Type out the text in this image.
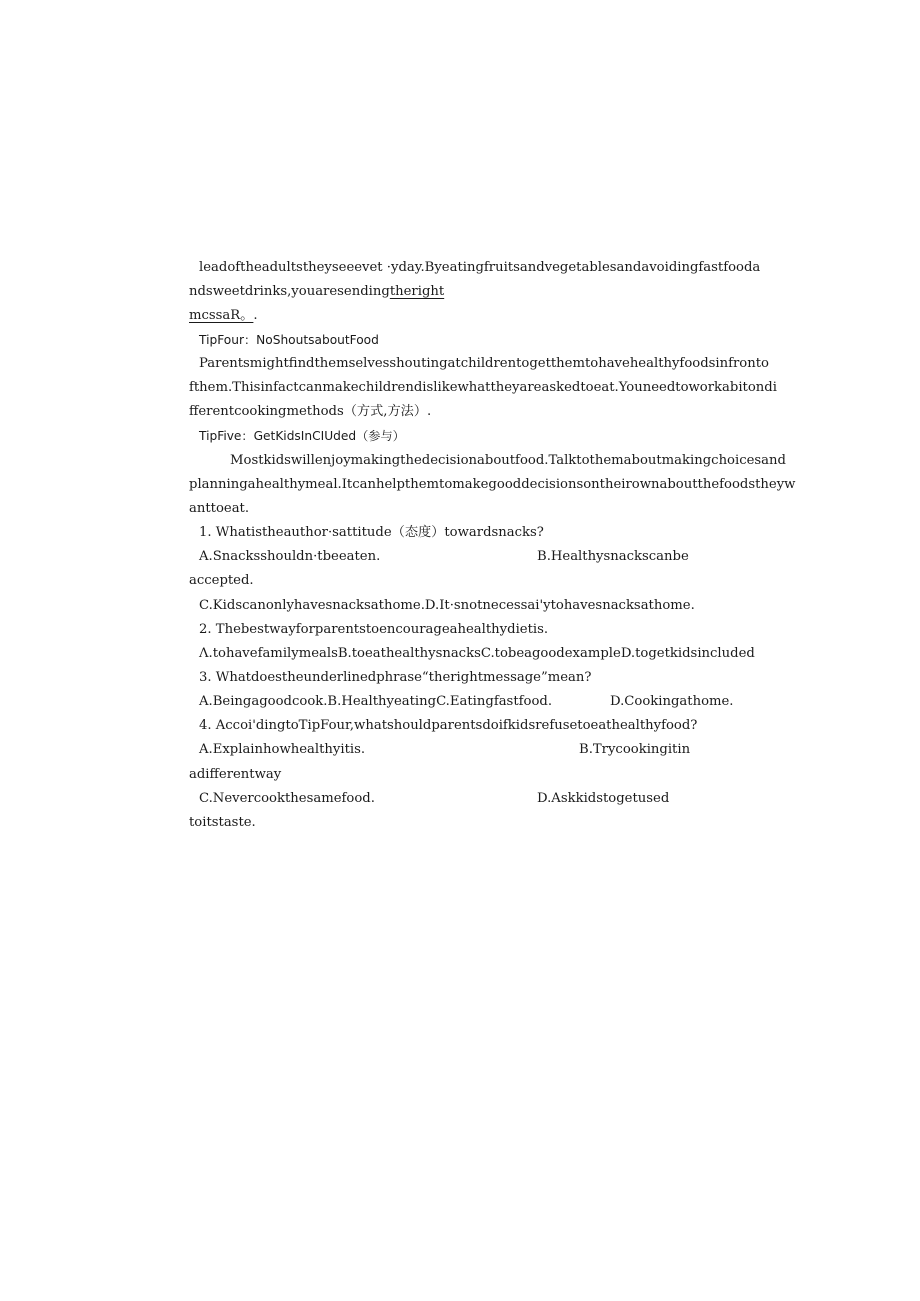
leadoftheadultstheyseeevet ·yday.Byeatingfruitsandvegetablesandavoidingfastfooda
ndsweetdrinks,youaresendingtheright
mcssaR。.
TipFour：NoShoutsaboutFood
Parentsmightfindthemselvesshoutingatchildrentogetthemtohavehealthyfoodsinfronto
fthem.Thisinfactcanmakechildrendislikewhattheyareaskedtoeat.Youneedtoworkabitondi
fferentcookingmethods（方式,方法）.
TipFive：GetKidsInCIUded（参与）
Mostkidswillenjoymakingthedecisionaboutfood.Talktothemaboutmakingchoicesand
planningahealthymeal.Itcanhelpthemtomakegooddecisionsontheirownaboutthefoodstheyw
anttoeat.
1. Whatistheauthor·sattitude（态度）towardsnacks?
A.Snacksshouldn·tbeeaten.	B.Healthysnackscanbe
accepted.
C.Kidscanonlyhavesnacksathome.D.It·snotnecessai'ytohavesnacksathome.
2. Thebestwayforparentstoencourageahealthydietis.
Λ.tohavefamilymealsB.toeathealthysnacksC.tobeagoodexampleD.togetkidsincluded
3. Whatdoestheunderlinedphrase“therightmessage”mean?
A.Beingagoodcook.B.HealthyeatingC.Eatingfastfood.	D.Cookingathome.
4. Accoi'dingtoTipFour,whatshouldparentsdoifkidsrefusetoeathealthyfood?
A.Explainhowhealthyitis.	B.Trycookingitin
adifferentway
C.Nevercookthesamefood.	D.Askkidstogetused
toitstaste.
